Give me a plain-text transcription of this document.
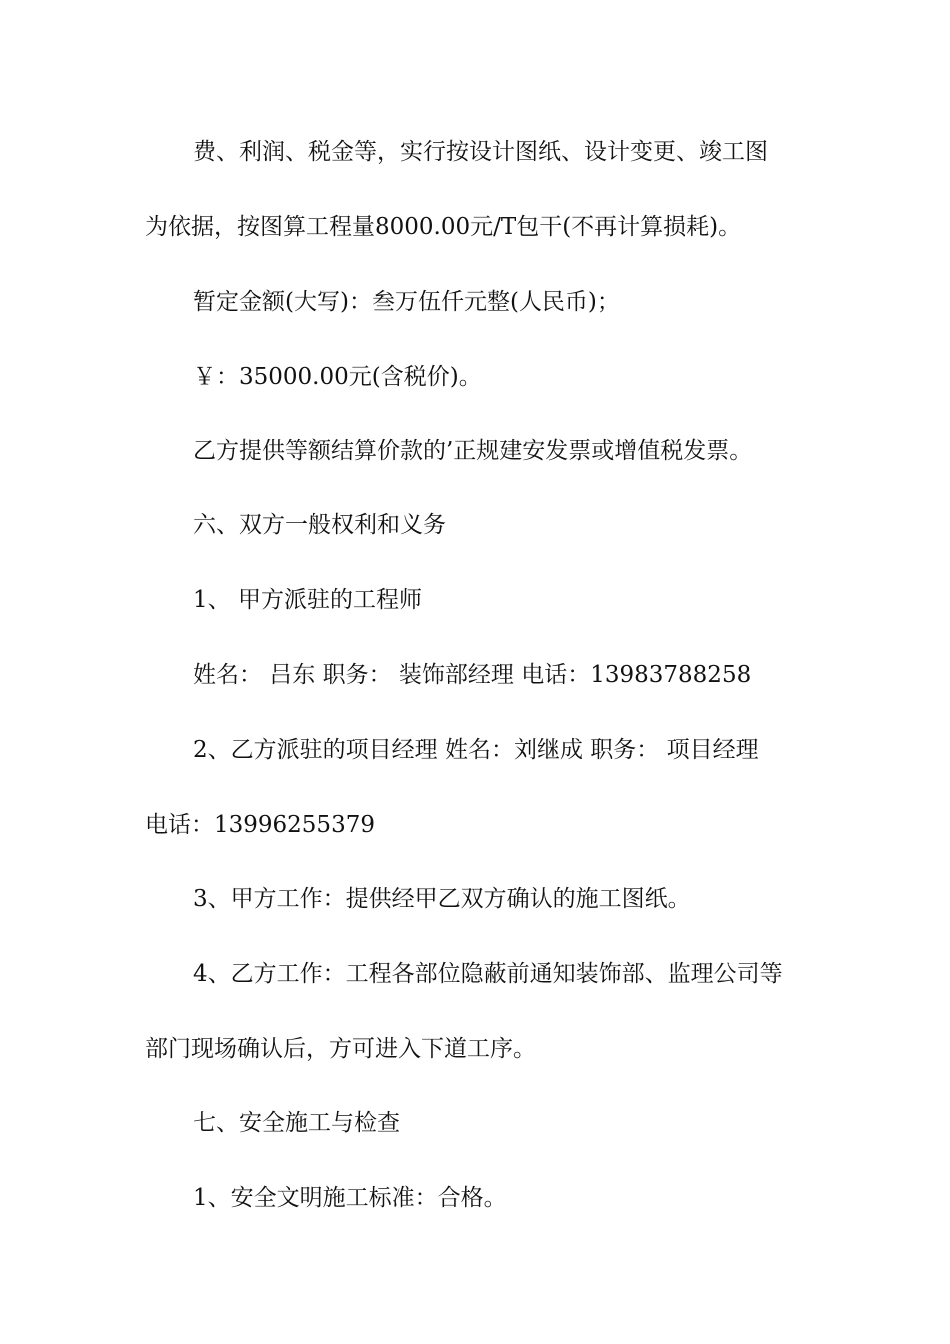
费、利润、税金等，实行按设计图纸、设计变更、竣工图
为依据，按图算工程量8000.00元/T包干(不再计算损耗)。
暂定金额(大写)：叁万伍仟元整(人民币)；
￥：35000.00元(含税价)。
乙方提供等额结算价款的’正规建安发票或增值税发票。
六、双方一般权利和义务
1、 甲方派驻的工程师
姓名： 吕东 职务： 装饰部经理 电话：13983788258
2、乙方派驻的项目经理 姓名：刘继成 职务： 项目经理
电话：13996255379
3、甲方工作：提供经甲乙双方确认的施工图纸。
4、乙方工作：工程各部位隐蔽前通知装饰部、监理公司等
部门现场确认后，方可进入下道工序。
七、安全施工与检查
1、安全文明施工标准：合格。
